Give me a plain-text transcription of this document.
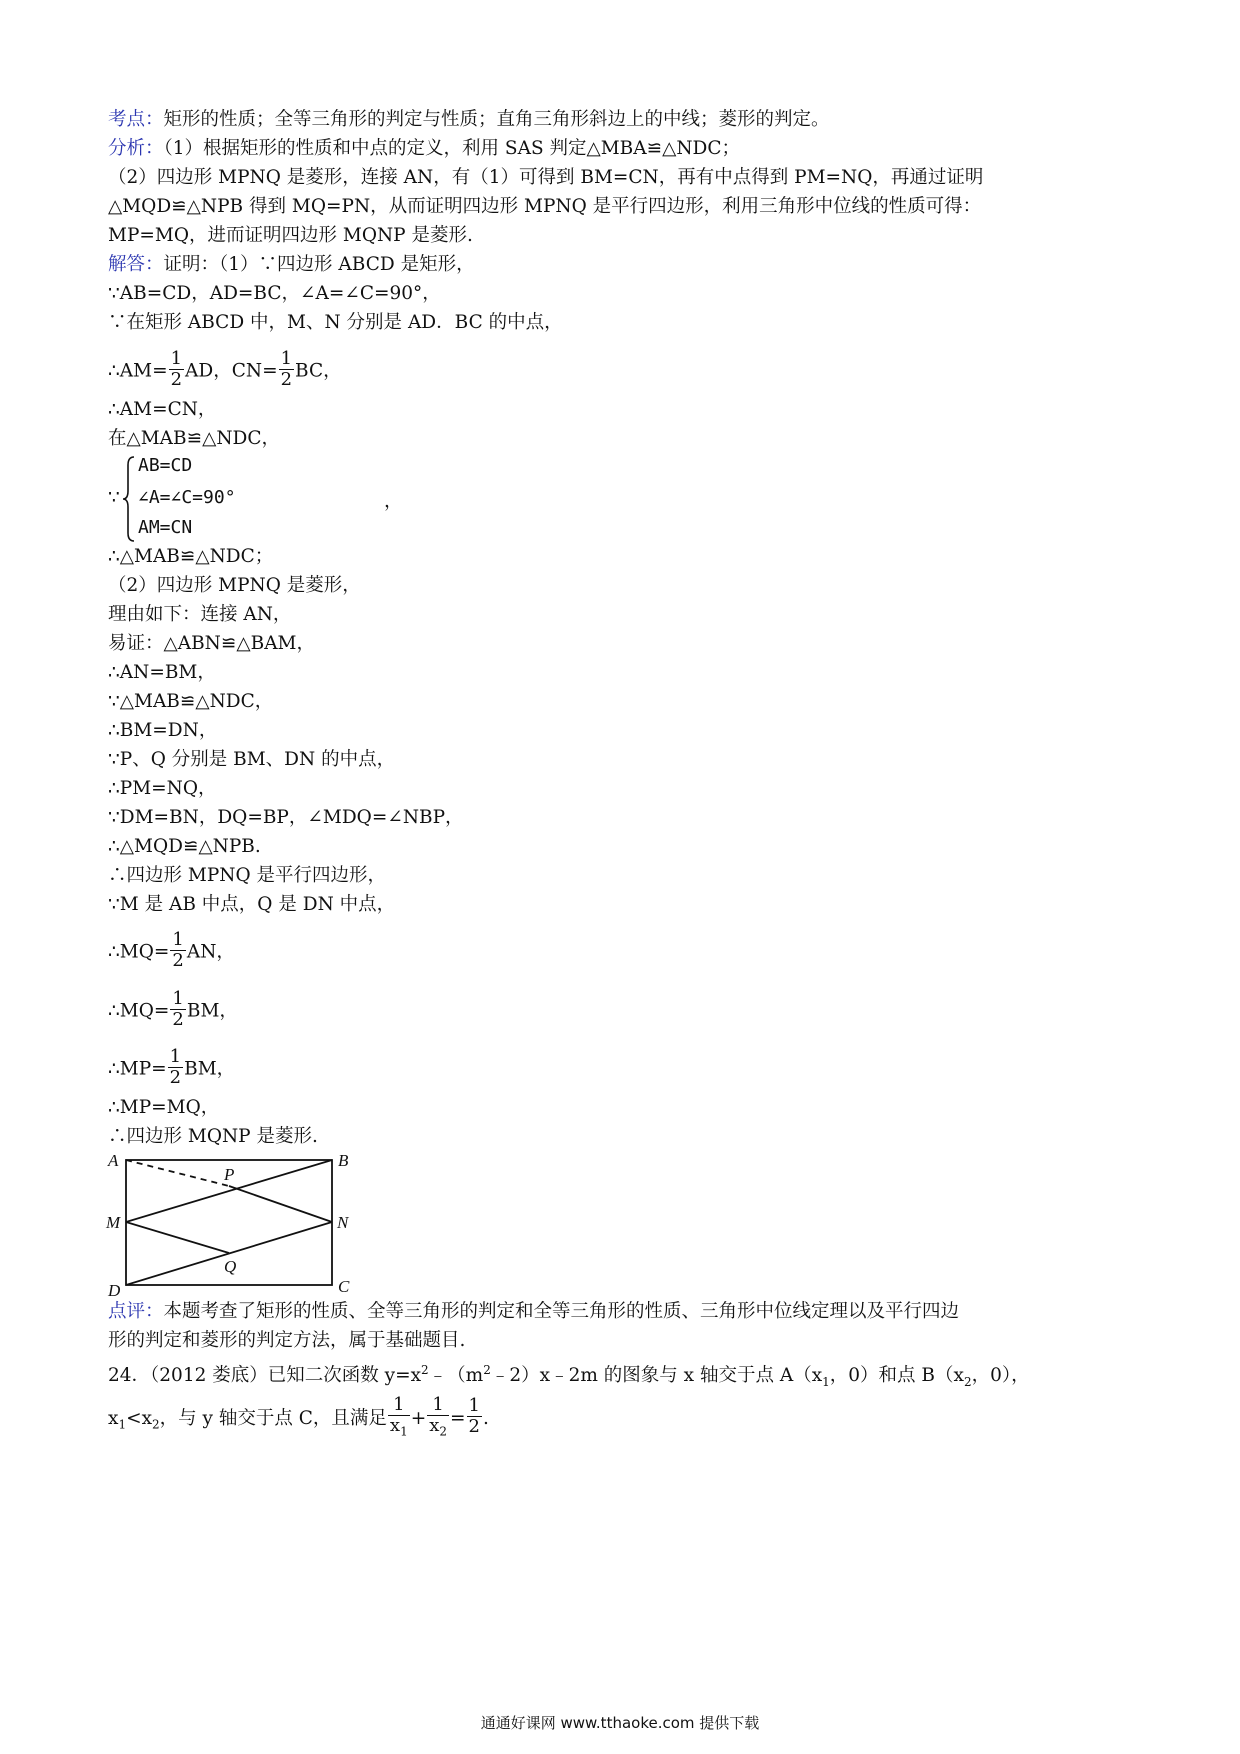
考点：矩形的性质；全等三角形的判定与性质；直角三角形斜边上的中线；菱形的判定。
分析：（1）根据矩形的性质和中点的定义，利用 SAS 判定△MBA≌△NDC；
（2）四边形 MPNQ 是菱形，连接 AN，有（1）可得到 BM=CN，再有中点得到 PM=NQ，再通过证明
△MQD≌△NPB 得到 MQ=PN，从而证明四边形 MPNQ 是平行四边形，利用三角形中位线的性质可得：
MP=MQ，进而证明四边形 MQNP 是菱形.
解答：证明：（1）∵四边形 ABCD 是矩形，
∵AB=CD，AD=BC，∠A=∠C=90°，
∵在矩形 ABCD 中，M、N 分别是 AD．BC 的中点，
∴AM= $\frac{1}{2}$ AD，$CN= \frac{1}{2}$ BC，
∴AM=CN，
在△MAB≌△NDC，
∵
AB=CD
∠A=∠C=90°
AM=CN
，
∴△MAB≌△NDC；
（2）四边形 MPNQ 是菱形，
理由如下：连接 AN，
易证：△ABN≌△BAM，
∴AN=BM，
∵△MAB≌△NDC，
∴BM=DN，
∵P、Q 分别是 BM、DN 的中点，
∴PM=NQ，
∵DM=BN，DQ=BP，∠MDQ=∠NBP，
∴△MQD≌△NPB.
∴四边形 MPNQ 是平行四边形，
∵M 是 AB 中点，Q 是 DN 中点，
∴MQ= $\frac{1}{2}$ AN，
∴MQ= $\frac{1}{2}$ BM，
∴MP= $\frac{1}{2}$ BM，
∴MP=MQ，
∴四边形 MQNP 是菱形.
A	B
C
D
M	N
P
Q
点评：本题考查了矩形的性质、全等三角形的判定和全等三角形的性质、三角形中位线定理以及平行四边
形的判定和菱形的判定方法，属于基础题目.
24．（2012 娄底）已知二次函数 $y=x^2﹣(m^2﹣2)x﹣2m$ 的图象与 x 轴交于点 $A(x_1$，0）和点 $B(x_2$，0），
$x_1<x_2$，与 y 轴交于点 C，且满足 $\frac{1}{x_1} + \frac{1}{x_2} = \frac{1}{2}$ .
通通好课网 www.tthaoke.com 提供下载
